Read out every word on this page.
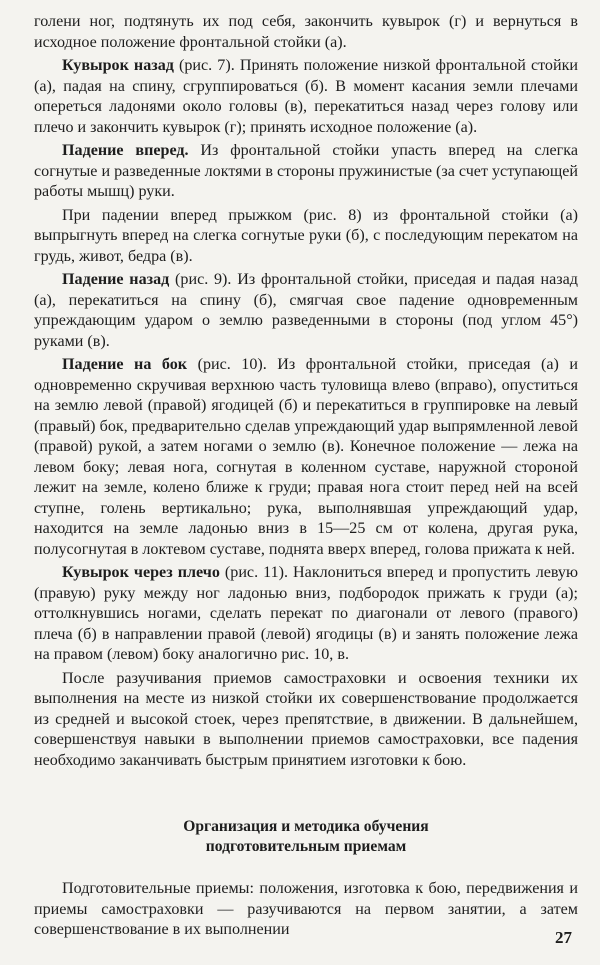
голени ног, подтянуть их под себя, закончить кувырок (г) и вернуться в исходное положение фронтальной стойки (а).

Кувырок назад (рис. 7). Принять положение низкой фронтальной стойки (а), падая на спину, сгруппироваться (б). В момент касания земли плечами опереться ладонями около головы (в), перекатиться назад через голову или плечо и закончить кувырок (г); принять исходное положение (а).

Падение вперед. Из фронтальной стойки упасть вперед на слегка согнутые и разведенные локтями в стороны пружинистые (за счет уступающей работы мышц) руки.

При падении вперед прыжком (рис. 8) из фронтальной стойки (а) выпрыгнуть вперед на слегка согнутые руки (б), с последующим перекатом на грудь, живот, бедра (в).

Падение назад (рис. 9). Из фронтальной стойки, приседая и падая назад (а), перекатиться на спину (б), смягчая свое падение одновременным упреждающим ударом о землю разведенными в стороны (под углом 45°) руками (в).

Падение на бок (рис. 10). Из фронтальной стойки, приседая (а) и одновременно скручивая верхнюю часть туловища влево (вправо), опуститься на землю левой (правой) ягодицей (б) и перекатиться в группировке на левый (правый) бок, предварительно сделав упреждающий удар выпрямленной левой (правой) рукой, а затем ногами о землю (в). Конечное положение — лежа на левом боку; левая нога, согнутая в коленном суставе, наружной стороной лежит на земле, колено ближе к груди; правая нога стоит перед ней на всей ступне, голень вертикально; рука, выполнявшая упреждающий удар, находится на земле ладонью вниз в 15—25 см от колена, другая рука, полусогнутая в локтевом суставе, поднята вверх вперед, голова прижата к ней.

Кувырок через плечо (рис. 11). Наклониться вперед и пропустить левую (правую) руку между ног ладонью вниз, подбородок прижать к груди (а); оттолкнувшись ногами, сделать перекат по диагонали от левого (правого) плеча (б) в направлении правой (левой) ягодицы (в) и занять положение лежа на правом (левом) боку аналогично рис. 10, в.

После разучивания приемов самостраховки и освоения техники их выполнения на месте из низкой стойки их совершенствование продолжается из средней и высокой стоек, через препятствие, в движении. В дальнейшем, совершенствуя навыки в выполнении приемов самостраховки, все падения необходимо заканчивать быстрым принятием изготовки к бою.

Организация и методика обучения

подготовительным приемам

Подготовительные приемы: положения, изготовка к бою, передвижения и приемы самостраховки — разучиваются на первом занятии, а затем совершенствование в их выполнении	27
